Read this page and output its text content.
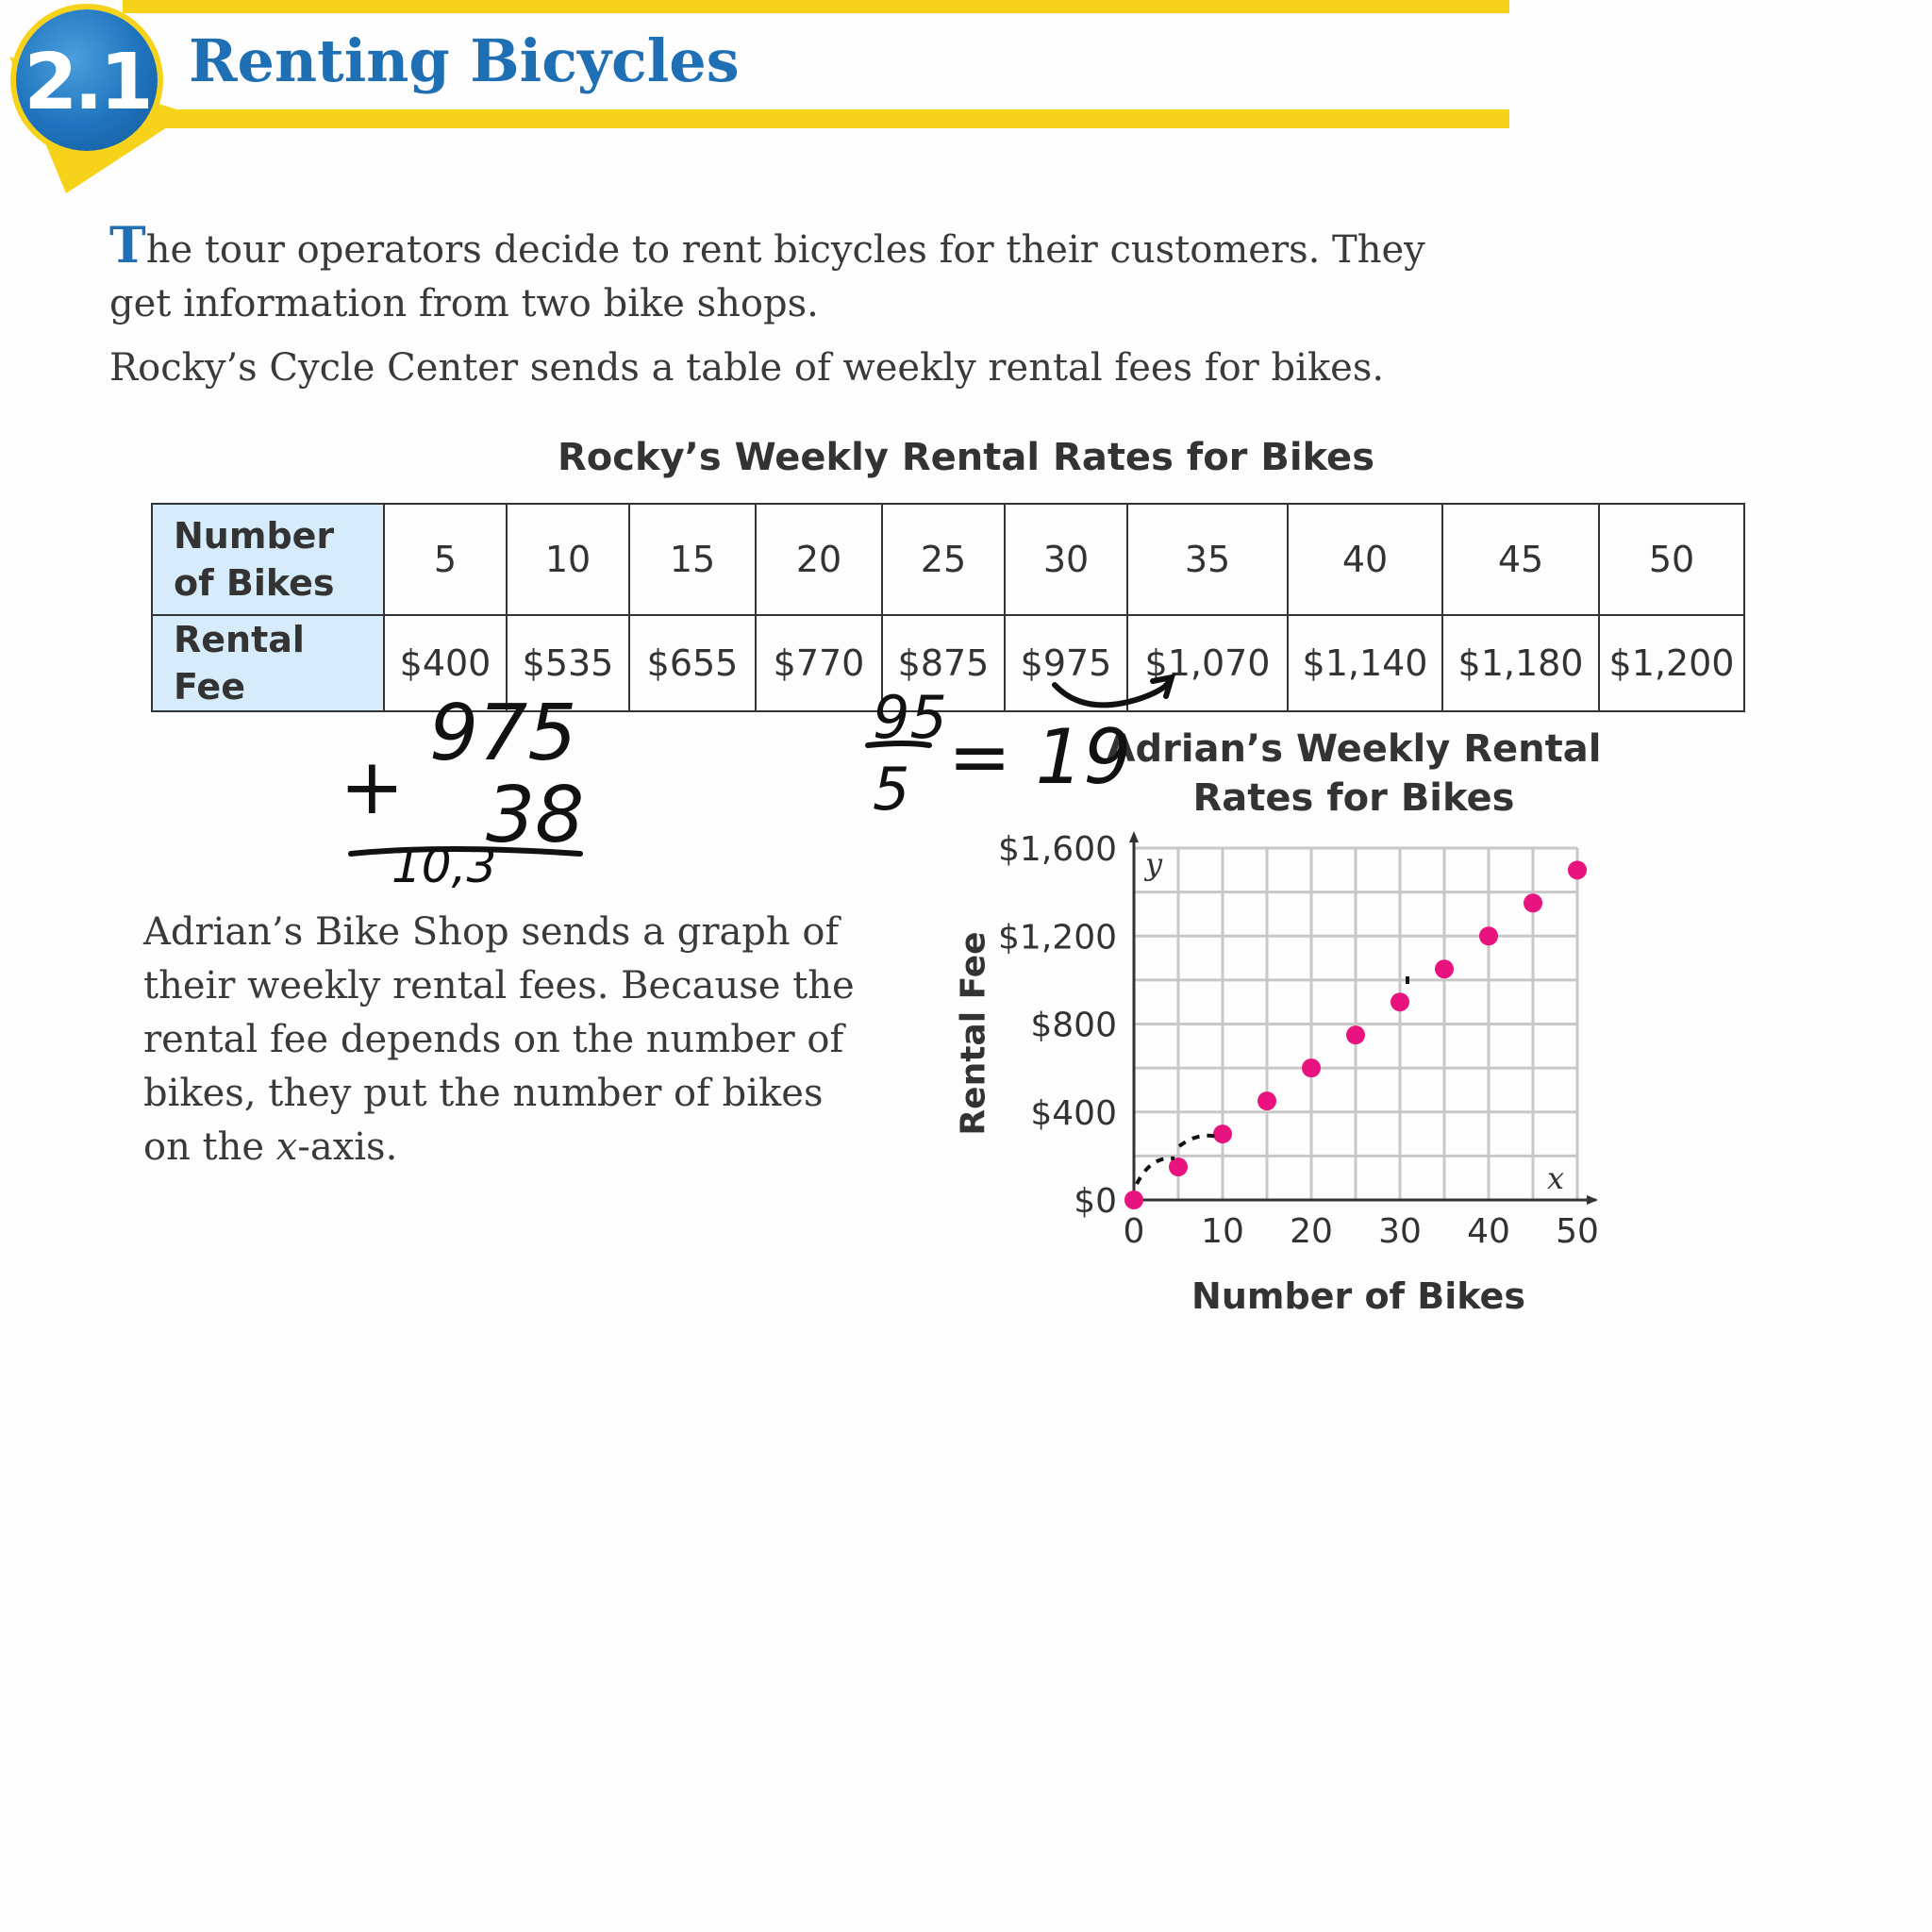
2.1 Renting Bicycles
The tour operators decide to rent bicycles for their customers. They get information from two bike shops.
Rocky’s Cycle Center sends a table of weekly rental fees for bikes.
Rocky’s Weekly Rental Rates for Bikes
Number of Bikes	5	10	15	20	25	30	35	40	45	50
Rental Fee	$400	$535	$655	$770	$875	$975	$1,070	$1,140	$1,180	$1,200
Adrian’s Bike Shop sends a graph of their weekly rental fees. Because the rental fee depends on the number of bikes, they put the number of bikes on the x-axis.
Adrian’s Weekly Rental Rates for Bikes
Rental Fee
Number of Bikes
y
x
0 10 20 30 40 50
$0
$400
$800
$1,200
$1,600
975
+ 38
10,3
95
5 = 19
